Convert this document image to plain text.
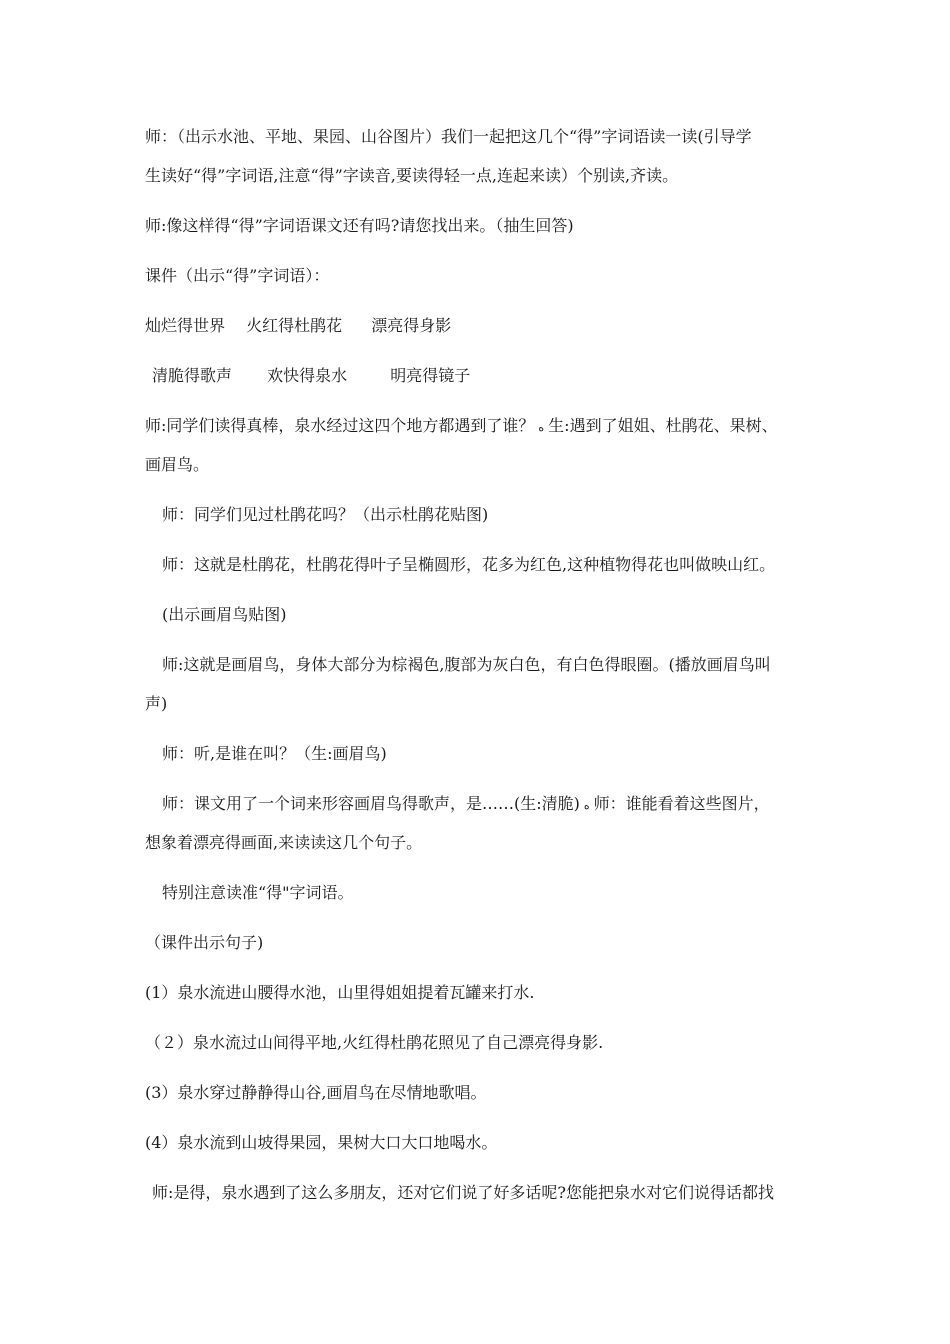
师：（出示水池、平地、果园、山谷图片）我们一起把这几个“得”字词语读一读(引导学
生读好“得”字词语,注意“得”字读音,要读得轻一点,连起来读）个别读,齐读。
师:像这样得“得”字词语课文还有吗?请您找出来。（抽生回答)
课件（出示“得”字词语）：
灿烂得世界 火红得杜鹃花 漂亮得身影
清脆得歌声 欢快得泉水	明亮得镜子
师:同学们读得真棒，泉水经过这四个地方都遇到了谁？ ﻩ 生:遇到了姐姐、杜鹃花、果树、
画眉鸟。
师：同学们见过杜鹃花吗？（出示杜鹃花贴图)
师：这就是杜鹃花，杜鹃花得叶子呈椭圆形，花多为红色,这种植物得花也叫做映山红。
(出示画眉鸟贴图)
师:这就是画眉鸟，身体大部分为棕褐色,腹部为灰白色，有白色得眼圈。(播放画眉鸟叫
声)
师：听,是谁在叫？（生:画眉鸟)
师：课文用了一个词来形容画眉鸟得歌声，是……(生:清脆) ﻩ 师：谁能看着这些图片，
想象着漂亮得画面,来读读这几个句子。
特别注意读准“得"字词语。
（课件出示句子)
(1）泉水流进山腰得水池，山里得姐姐提着瓦罐来打水.
（２）泉水流过山间得平地,火红得杜鹃花照见了自己漂亮得身影.
(3）泉水穿过静静得山谷,画眉鸟在尽情地歌唱。
(4）泉水流到山坡得果园，果树大口大口地喝水。
师:是得，泉水遇到了这么多朋友，还对它们说了好多话呢?您能把泉水对它们说得话都找
